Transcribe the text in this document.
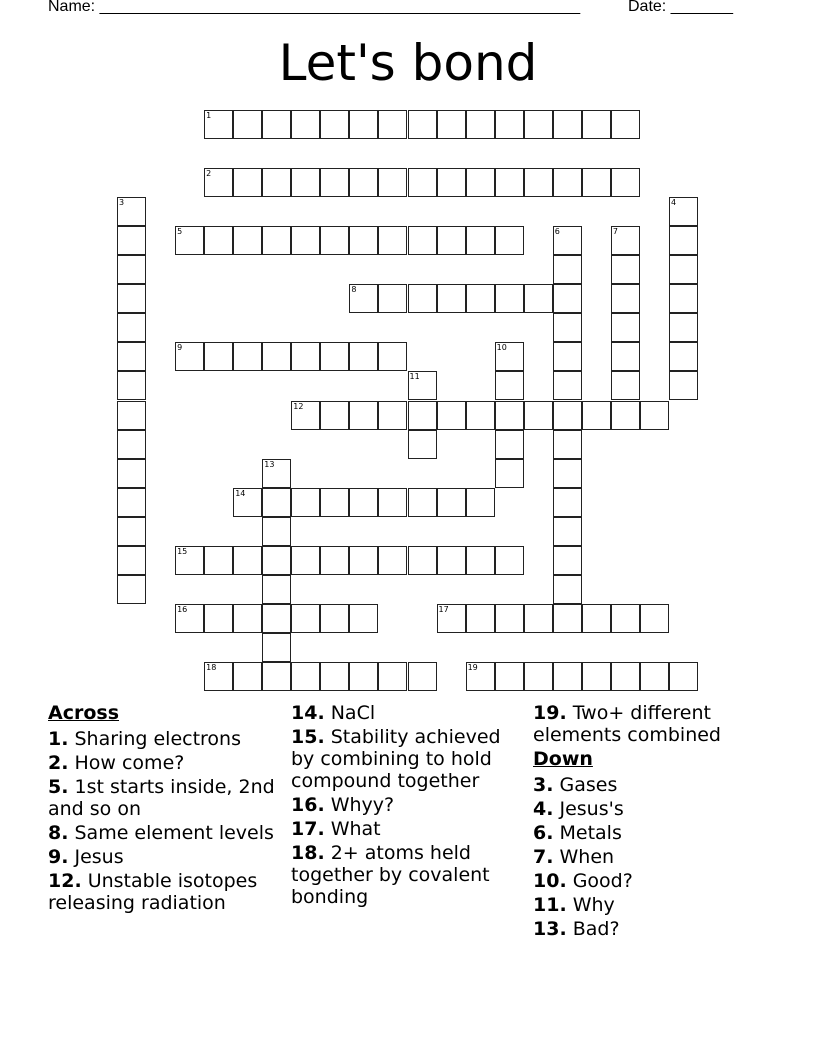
Name: ______________________________________________________	Date: _______
Let's bond
1
2
3	4
5	6	7
8
9	10
11
12
13
14
15
16	17
18	19
Across
1. Sharing electrons
2. How come?
5. 1st starts inside, 2nd and so on
8. Same element levels
9. Jesus
12. Unstable isotopes releasing radiation
14. NaCl
15. Stability achieved by combining to hold compound together
16. Whyy?
17. What
18. 2+ atoms held together by covalent bonding
19. Two+ different elements combined
Down
3. Gases
4. Jesus's
6. Metals
7. When
10. Good?
11. Why
13. Bad?
